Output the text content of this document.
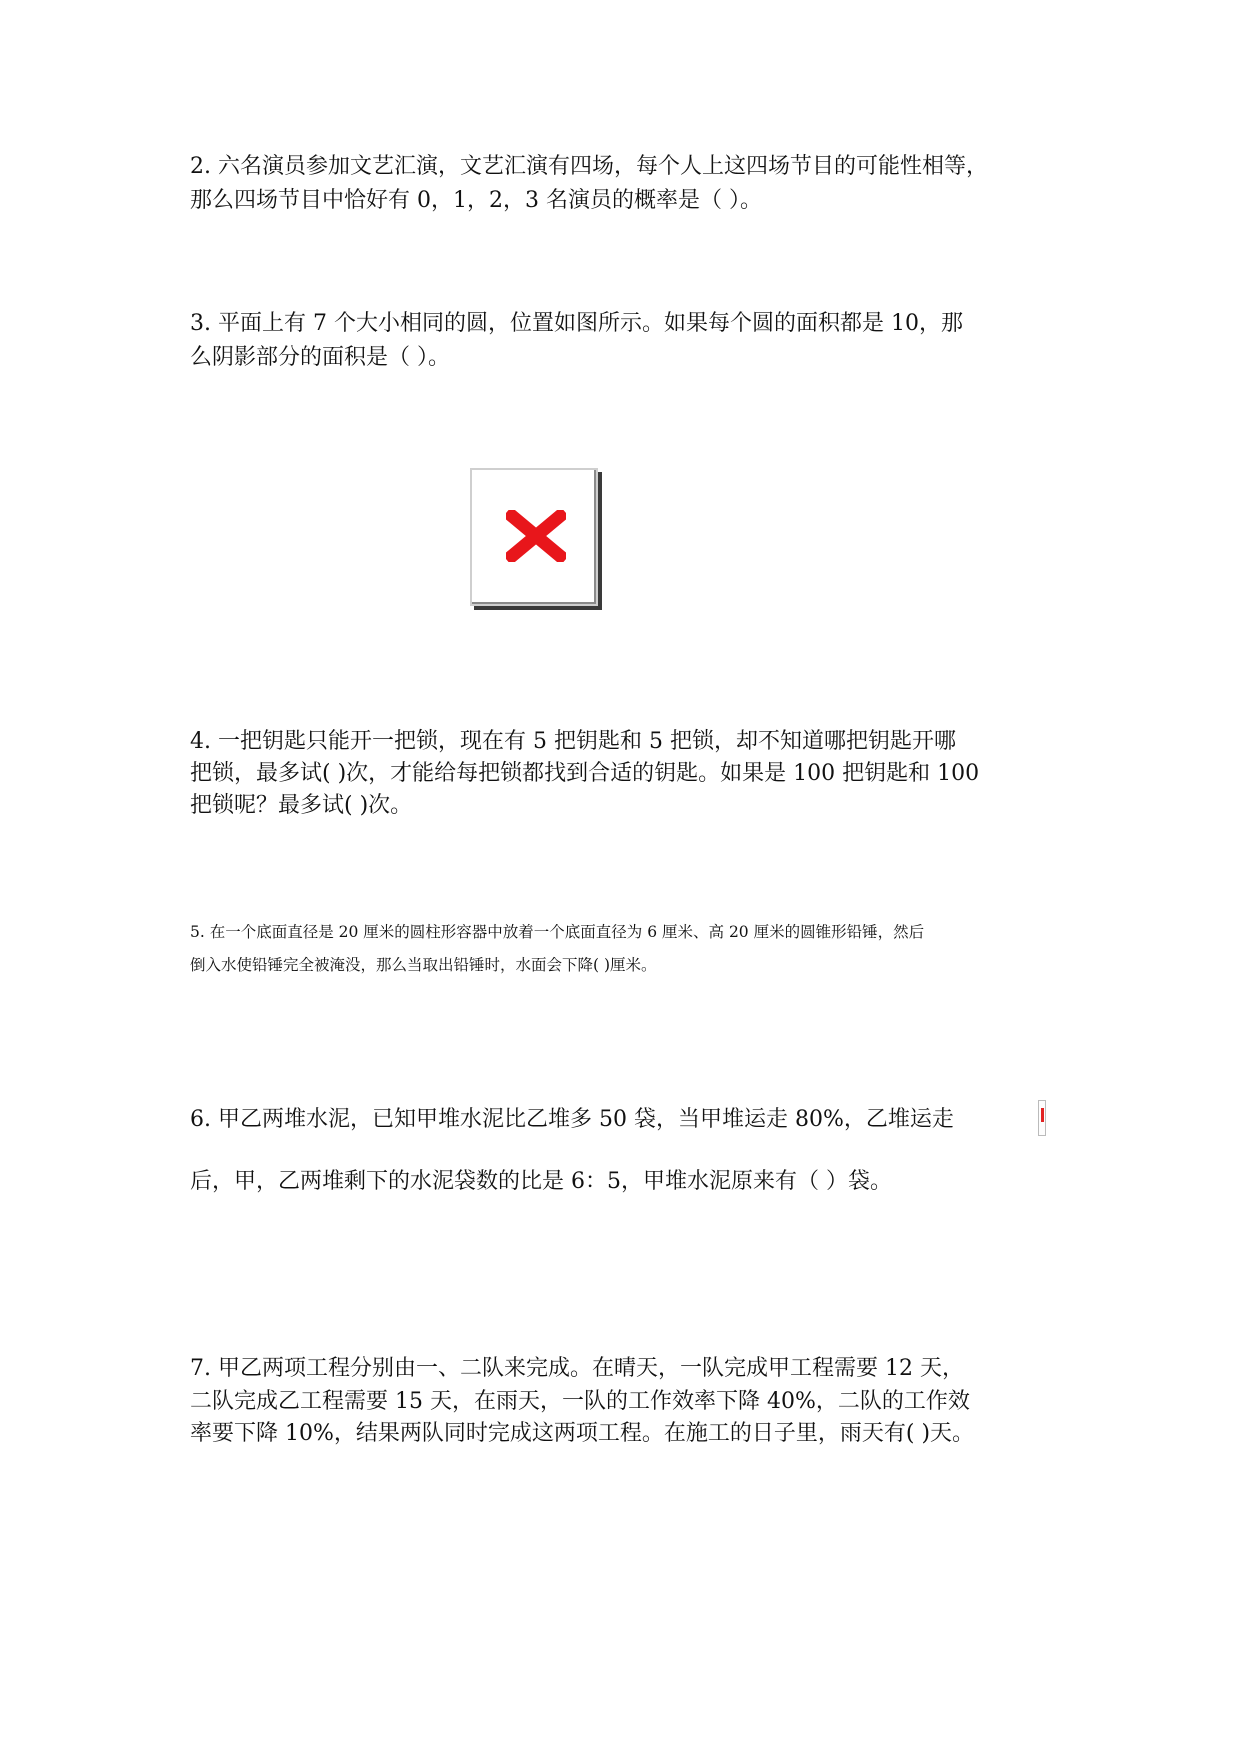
2. 六名演员参加文艺汇演，文艺汇演有四场，每个人上这四场节目的可能性相等，
那么四场节目中恰好有 0，1，2，3 名演员的概率是（ ）。
3. 平面上有 7 个大小相同的圆，位置如图所示。如果每个圆的面积都是 10，那
么阴影部分的面积是（ ）。
4. 一把钥匙只能开一把锁，现在有 5 把钥匙和 5 把锁，却不知道哪把钥匙开哪
把锁，最多试( )次，才能给每把锁都找到合适的钥匙。如果是 100 把钥匙和 100
把锁呢？最多试( )次。
5. 在一个底面直径是 20 厘米的圆柱形容器中放着一个底面直径为 6 厘米、高 20 厘米的圆锥形铅锤，然后
倒入水使铅锤完全被淹没，那么当取出铅锤时，水面会下降( )厘米。
6. 甲乙两堆水泥，已知甲堆水泥比乙堆多 50 袋，当甲堆运走 80%，乙堆运走
后，甲，乙两堆剩下的水泥袋数的比是 6：5，甲堆水泥原来有（ ）袋。
7. 甲乙两项工程分别由一、二队来完成。在晴天，一队完成甲工程需要 12 天，
二队完成乙工程需要 15 天，在雨天，一队的工作效率下降 40%，二队的工作效
率要下降 10%，结果两队同时完成这两项工程。在施工的日子里，雨天有( )天。
